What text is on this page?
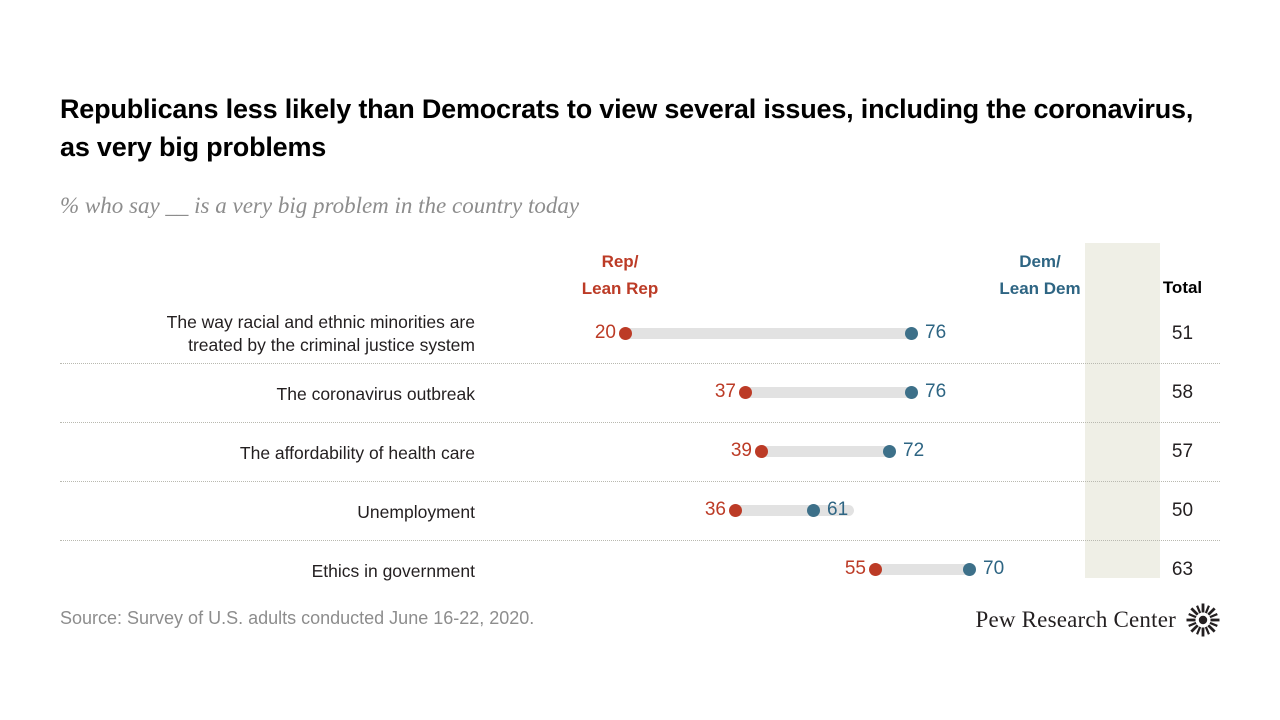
Republicans less likely than Democrats to view several issues, including the coronavirus, as very big problems
% who say __ is a very big problem in the country today
Rep/
Lean Rep
Dem/
Lean Dem	Total
The way racial and ethnic minorities are
treated by the criminal justice system
20	76	51
The coronavirus outbreak	37	76	58
The affordability of health care	39	72	57
Unemployment	36	61	50
Ethics in government	55	70	63
Source: Survey of U.S. adults conducted June 16-22, 2020.	Pew Research Center
